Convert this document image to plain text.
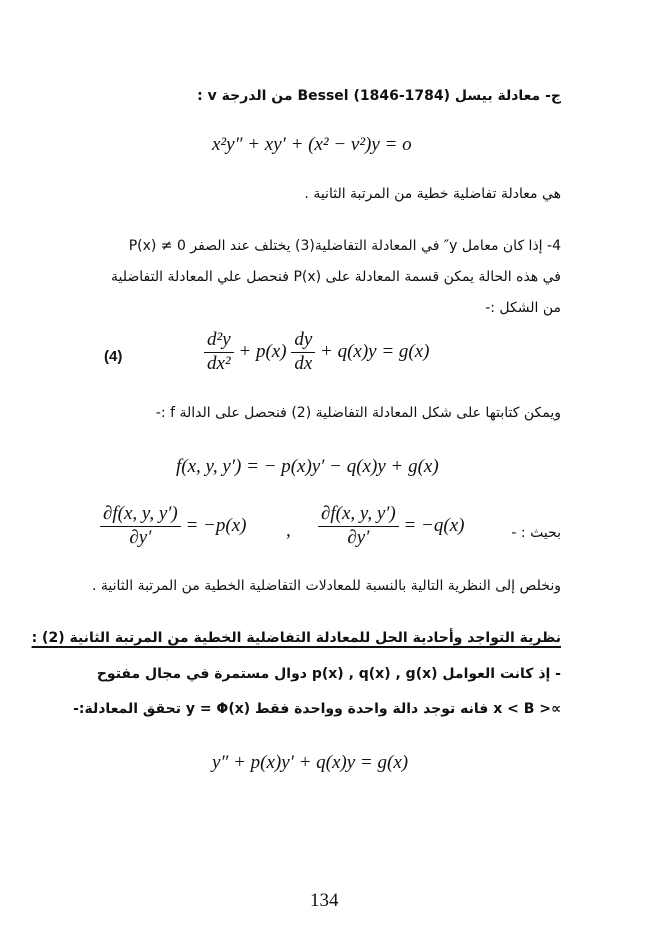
ج- معادلة بيسل Bessel (1846-1784) من الدرجة v :
x²y″ + xy′ + (x² − v²)y = o
هي معادلة تفاضلية خطية من المرتبة الثانية .
4- إذا كان معامل y″ في المعادلة التفاضلية(3) يختلف عند الصفر P(x) ≠ 0
في هذه الحالة يمكن قسمة المعادلة على P(x) فنحصل علي المعادلة التفاضلية
من الشكل :-
(4)	$\frac{\text{d²y}}{\text{dx²}} + p(x) \frac{dy}{dx} + q(x)y = g(x)$
ويمكن كتابتها على شكل المعادلة التفاضلية (2) فنحصل على الدالة f :-
f(x, y, y′) = − p(x)y′ − q(x)y + g(x)
بحيث : -
$\frac{\partial f(x, y, y')}{\partial y'} = -q(x)$
,
$\frac{\partial f(x, y, y')}{\partial y'} = -p(x)$
ونخلص إلى النظرية التالية بالنسبة للمعادلات التفاضلية الخطية من المرتبة الثانية .
نظرية التواجد وأحادية الحل للمعادلة التفاضلية الخطية من المرتبة الثانية (2) :
- إذ كانت العوامل p(x) , q(x) , g(x) دوال مستمرة في مجال مفتوح
∝< x < B فانه توجد دالة واحدة وواحدة فقط y = Φ(x) تحقق المعادلة:-
y″ + p(x)y′ + q(x)y = g(x)
134
